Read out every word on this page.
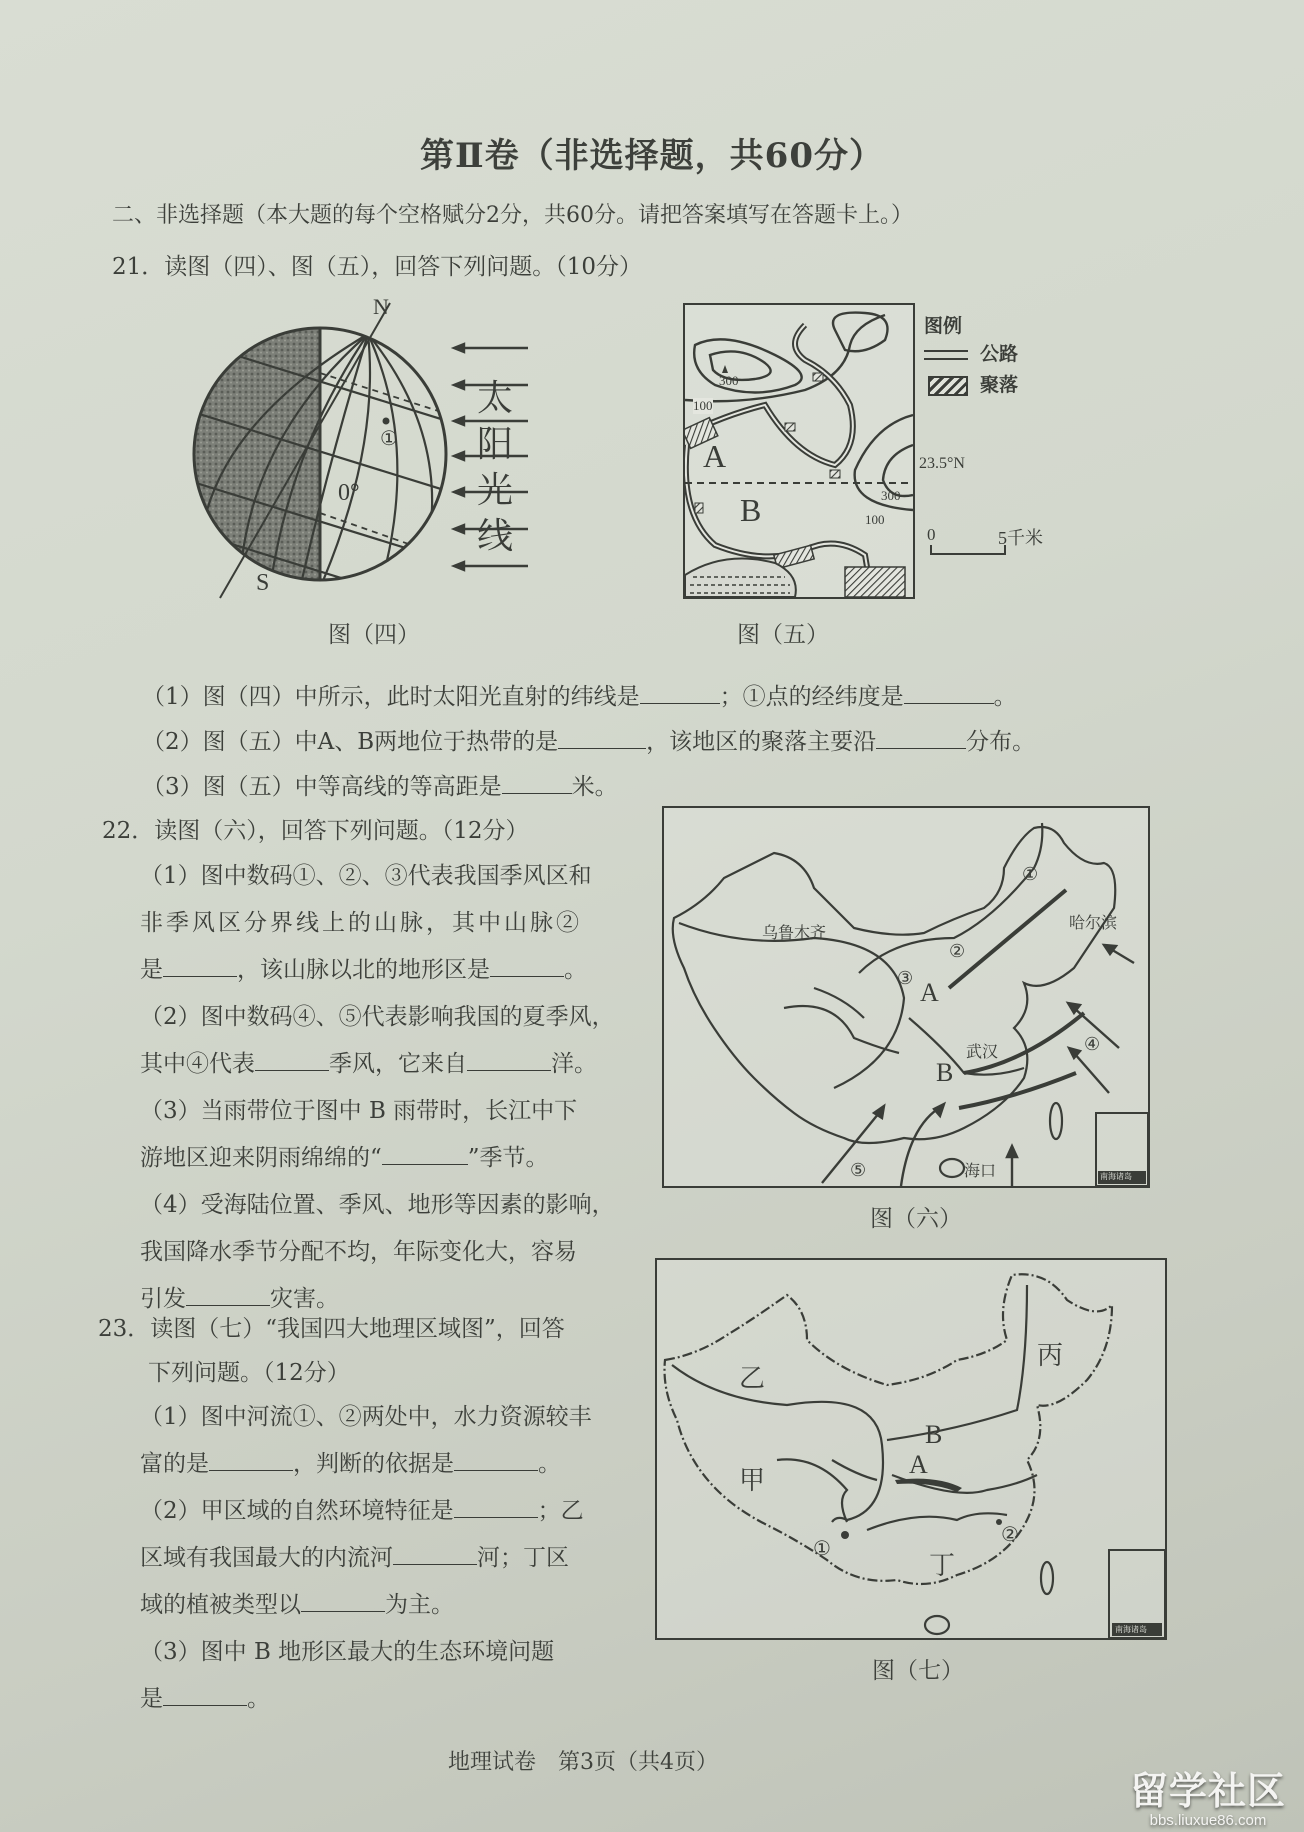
第Ⅱ卷（非选择题，共60分）
二、非选择题（本大题的每个空格赋分2分，共60分。请把答案填写在答题卡上。）
21．读图（四）、图（五），回答下列问题。（10分）
N
S
0°
①
太
阳
光
线
图（四）
300
100
A
B	300
100
23.5°N
图例
公路
聚落
0	5千米
图（五）
（1）图（四）中所示，此时太阳光直射的纬线是	；①点的经纬度是	。
（2）图（五）中A、B两地位于热带的是	，该地区的聚落主要沿	分布。
（3）图（五）中等高线的等高距是	米。
22．读图（六），回答下列问题。（12分）
（1）图中数码①、②、③代表我国季风区和
非季风区分界线上的山脉，其中山脉②
是	，该山脉以北的地形区是	。
（2）图中数码④、⑤代表影响我国的夏季风，
其中④代表	季风，它来自	洋。
（3）当雨带位于图中 B 雨带时，长江中下
游地区迎来阴雨绵绵的“	”季节。
（4）受海陆位置、季风、地形等因素的影响，
我国降水季节分配不均，年际变化大，容易
引发	灾害。
乌鲁木齐
哈尔滨
武汉
海口
A
B
①
②
③
④
⑤	南海诸岛
图（六）
23．读图（七）“我国四大地理区域图”，回答
下列问题。（12分）
（1）图中河流①、②两处中，水力资源较丰
富的是	，判断的依据是	。
（2）甲区域的自然环境特征是	；乙
区域有我国最大的内流河	河；丁区
域的植被类型以	为主。
（3）图中 B 地形区最大的生态环境问题
是	。
乙
丙
甲
丁
B
A
①
②
南海诸岛
图（七）
地理试卷　第3页（共4页）
留学社区
bbs.liuxue86.com
